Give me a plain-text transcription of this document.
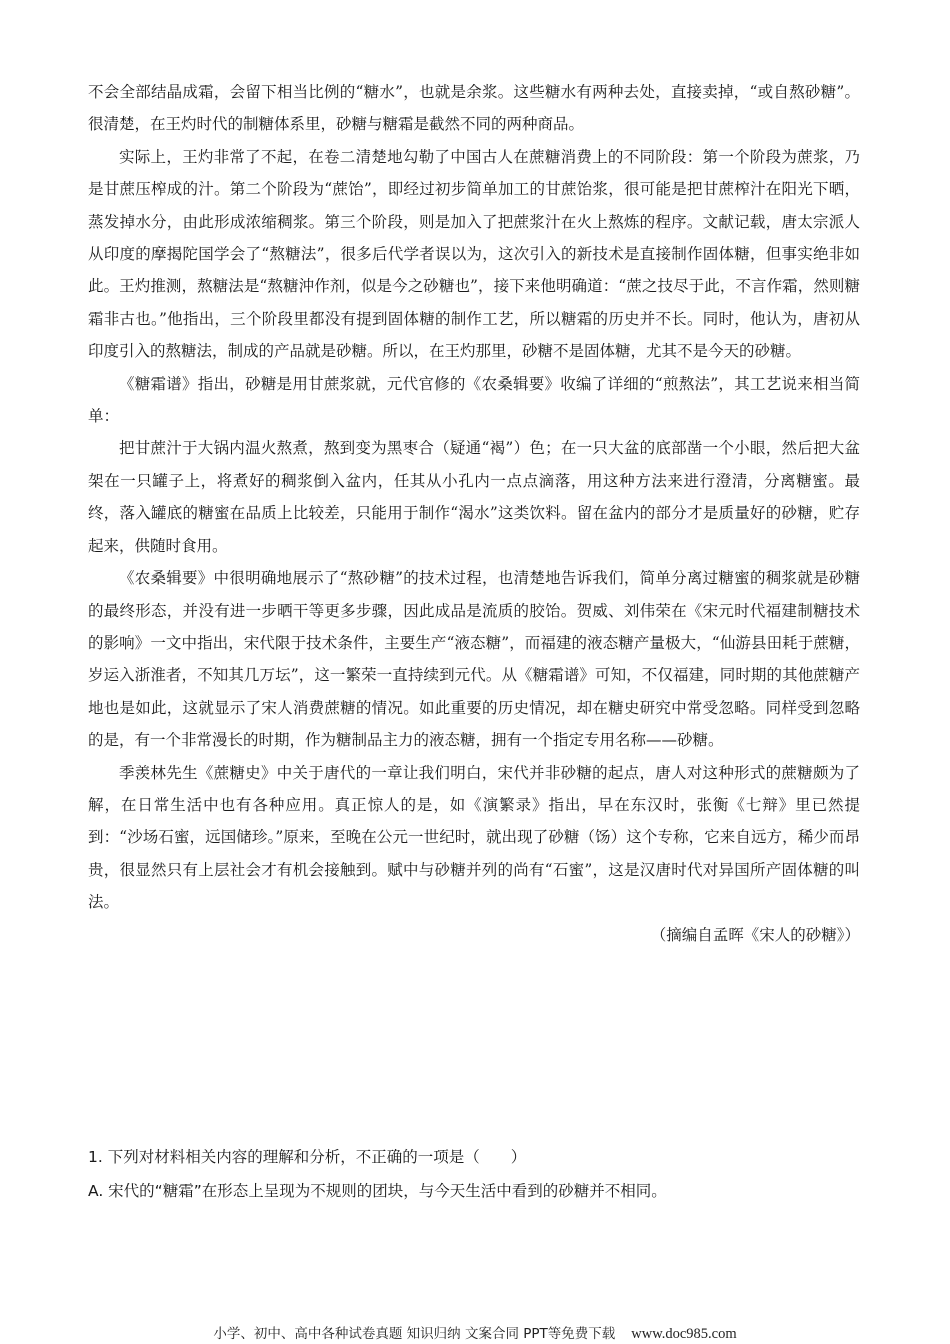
不会全部结晶成霜，会留下相当比例的“糖水”，也就是余浆。这些糖水有两种去处，直接卖掉，“或自熬砂糖”。很清楚，在王灼时代的制糖体系里，砂糖与糖霜是截然不同的两种商品。

实际上，王灼非常了不起，在卷二清楚地勾勒了中国古人在蔗糖消费上的不同阶段：第一个阶段为蔗浆，乃是甘蔗压榨成的汁。第二个阶段为“蔗饴”，即经过初步简单加工的甘蔗饴浆，很可能是把甘蔗榨汁在阳光下晒，蒸发掉水分，由此形成浓缩稠浆。第三个阶段，则是加入了把蔗浆汁在火上熬炼的程序。文献记载，唐太宗派人从印度的摩揭陀国学会了“熬糖法”，很多后代学者误以为，这次引入的新技术是直接制作固体糖，但事实绝非如此。王灼推测，熬糖法是“熬糖沖作剂，似是今之砂糖也”，接下来他明确道：“蔗之技尽于此，不言作霜，然则糖霜非古也。”他指出，三个阶段里都没有提到固体糖的制作工艺，所以糖霜的历史并不长。同时，他认为，唐初从印度引入的熬糖法，制成的产品就是砂糖。所以，在王灼那里，砂糖不是固体糖，尤其不是今天的砂糖。

《糖霜谱》指出，砂糖是用甘蔗浆就，元代官修的《农桑辑要》收编了详细的“煎熬法”，其工艺说来相当简单：

把甘蔗汁于大锅内温火熬煮，熬到变为黑枣合（疑通“褐”）色；在一只大盆的底部凿一个小眼，然后把大盆架在一只罐子上，将煮好的稠浆倒入盆内，任其从小孔内一点点滴落，用这种方法来进行澄清，分离糖蜜。最终，落入罐底的糖蜜在品质上比较差，只能用于制作“渴水”这类饮料。留在盆内的部分才是质量好的砂糖，贮存起来，供随时食用。

《农桑辑要》中很明确地展示了“熬砂糖”的技术过程，也清楚地告诉我们，简单分离过糖蜜的稠浆就是砂糖的最终形态，并没有进一步晒干等更多步骤，因此成品是流质的胶饴。贺威、刘伟荣在《宋元时代福建制糖技术的影响》一文中指出，宋代限于技术条件，主要生产“液态糖”，而福建的液态糖产量极大，“仙游县田耗于蔗糖，岁运入浙淮者，不知其几万坛”，这一繁荣一直持续到元代。从《糖霜谱》可知，不仅福建，同时期的其他蔗糖产地也是如此，这就显示了宋人消费蔗糖的情况。如此重要的历史情况，却在糖史研究中常受忽略。同样受到忽略的是，有一个非常漫长的时期，作为糖制品主力的液态糖，拥有一个指定专用名称——砂糖。

季羡林先生《蔗糖史》中关于唐代的一章让我们明白，宋代并非砂糖的起点，唐人对这种形式的蔗糖颇为了解，在日常生活中也有各种应用。真正惊人的是，如《演繁录》指出，早在东汉时，张衡《七辩》里已然提到：“沙场石蜜，远国储珍。”原来，至晚在公元一世纪时，就出现了砂糖（饧）这个专称，它来自远方，稀少而昂贵，很显然只有上层社会才有机会接触到。赋中与砂糖并列的尚有“石蜜”，这是汉唐时代对异国所产固体糖的叫法。

（摘编自孟晖《宋人的砂糖》）

1. 下列对材料相关内容的理解和分析，不正确的一项是（　　）

A. 宋代的“糖霜”在形态上呈现为不规则的团块，与今天生活中看到的砂糖并不相同。

小学、初中、高中各种试卷真题 知识归纳 文案合同 PPT等免费下载 www.doc985.com
